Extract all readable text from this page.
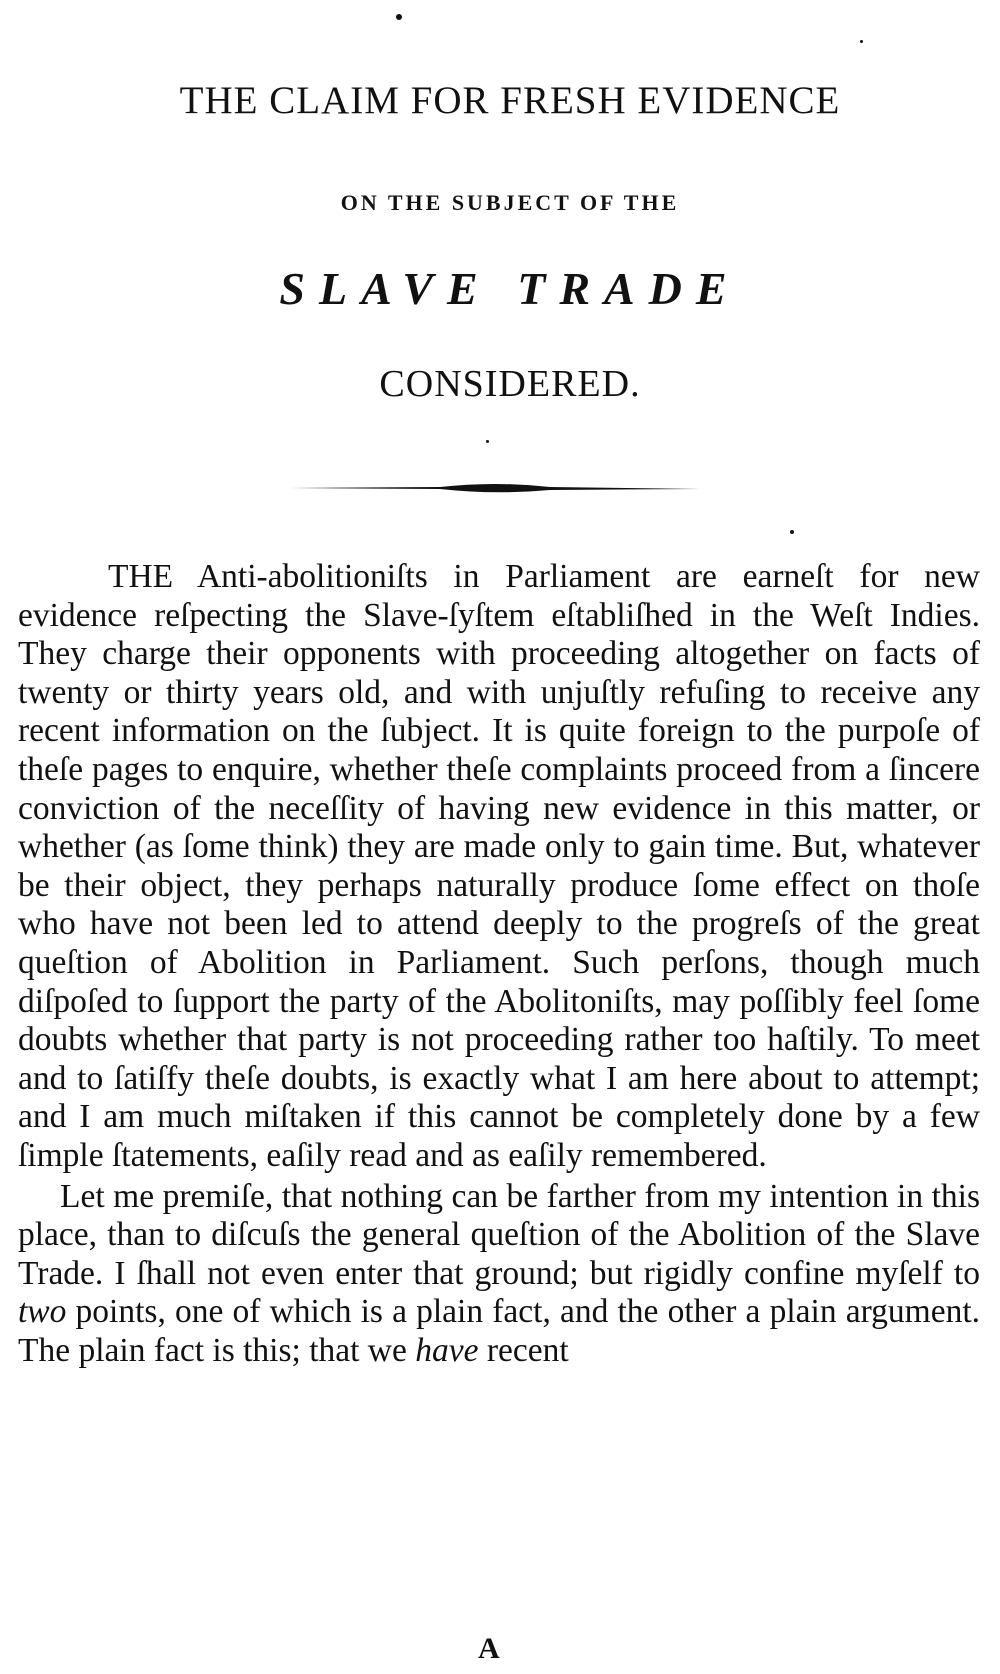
THE CLAIM FOR FRESH EVIDENCE
ON THE SUBJECT OF THE
SLAVE TRADE
CONSIDERED.

THE Anti-abolitioniſts in Parliament are earneſt for new evidence reſpecting the Slave-ſyſtem eſtabliſhed in the Weſt Indies. They charge their opponents with proceeding altogether on facts of twenty or thirty years old, and with unjuſtly refuſing to receive any recent information on the ſubject. It is quite foreign to the purpoſe of theſe pages to enquire, whether theſe complaints proceed from a ſincere conviction of the neceſſity of having new evidence in this matter, or whether (as ſome think) they are made only to gain time. But, whatever be their object, they perhaps naturally produce ſome effect on thoſe who have not been led to attend deeply to the progreſs of the great queſtion of Abolition in Parliament. Such perſons, though much diſpoſed to ſupport the party of the Abolitoniſts, may poſſibly feel ſome doubts whether that party is not proceeding rather too haſtily. To meet and to ſatiſfy theſe doubts, is exactly what I am here about to attempt; and I am much miſtaken if this cannot be completely done by a few ſimple ſtatements, eaſily read and as eaſily remembered.

Let me premiſe, that nothing can be farther from my intention in this place, than to diſcuſs the general queſtion of the Abolition of the Slave Trade. I ſhall not even enter that ground; but rigidly confine myſelf to two points, one of which is a plain fact, and the other a plain argument. The plain fact is this; that we have recent

A
